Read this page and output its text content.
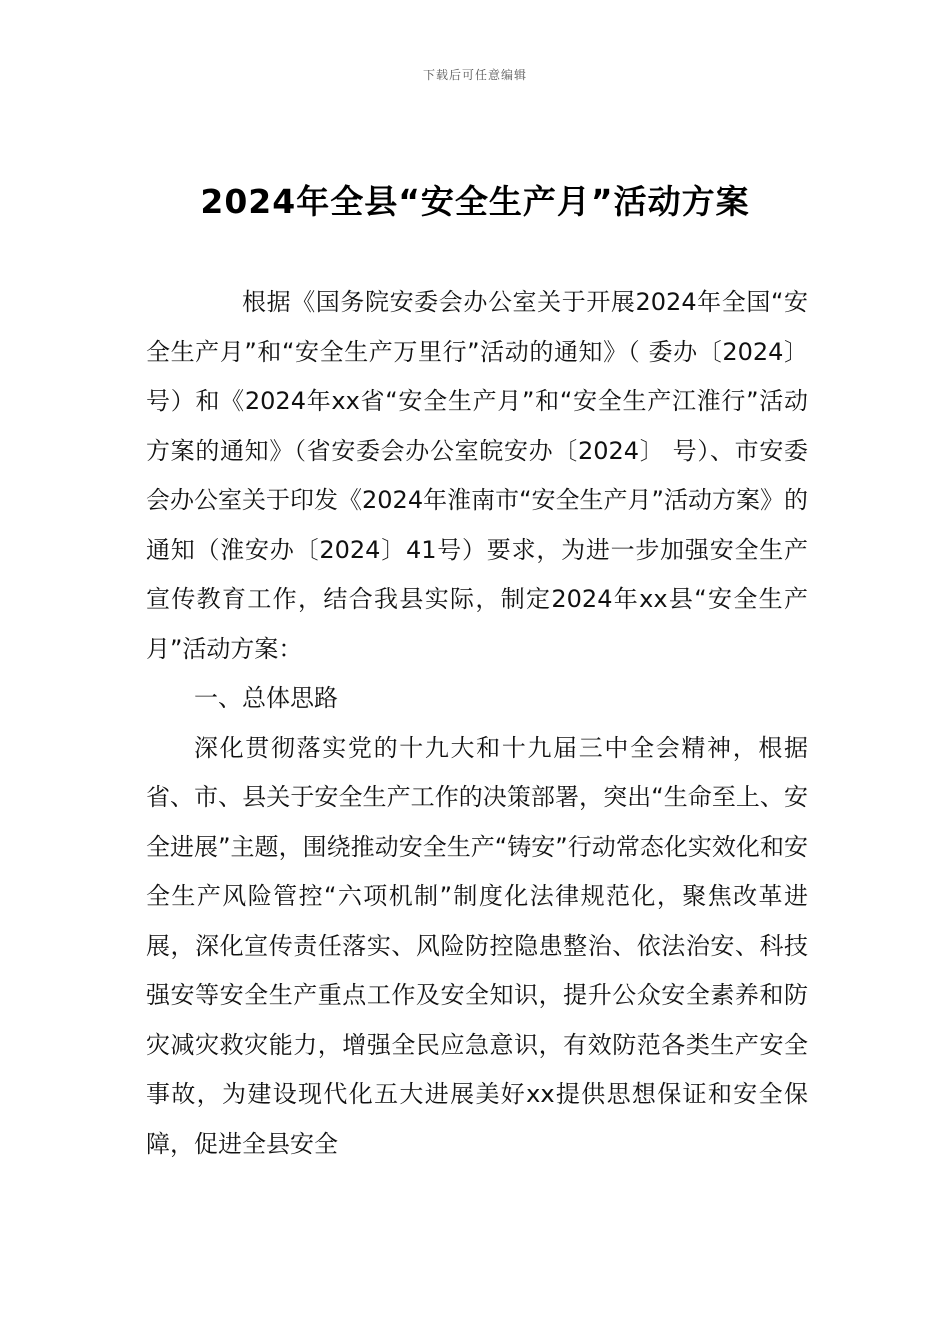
下载后可任意编辑
2024年全县“安全生产月”活动方案

根据《国务院安委会办公室关于开展2024年全国“安全生产月”和“安全生产万里行”活动的通知》（ 委办〔2024〕 号）和《2024年xx省“安全生产月”和“安全生产江淮行”活动方案的通知》（省安委会办公室皖安办〔2024〕 号）、市安委会办公室关于印发《2024年淮南市“安全生产月”活动方案》的通知（淮安办〔2024〕41号）要求，为进一步加强安全生产宣传教育工作，结合我县实际，制定2024年xx县“安全生产月”活动方案：

一、总体思路

深化贯彻落实党的十九大和十九届三中全会精神，根据省、市、县关于安全生产工作的决策部署，突出“生命至上、安全进展”主题，围绕推动安全生产“铸安”行动常态化实效化和安全生产风险管控“六项机制”制度化法律规范化，聚焦改革进展，深化宣传责任落实、风险防控隐患整治、依法治安、科技强安等安全生产重点工作及安全知识，提升公众安全素养和防灾减灾救灾能力，增强全民应急意识，有效防范各类生产安全事故，为建设现代化五大进展美好xx提供思想保证和安全保障，促进全县安全
